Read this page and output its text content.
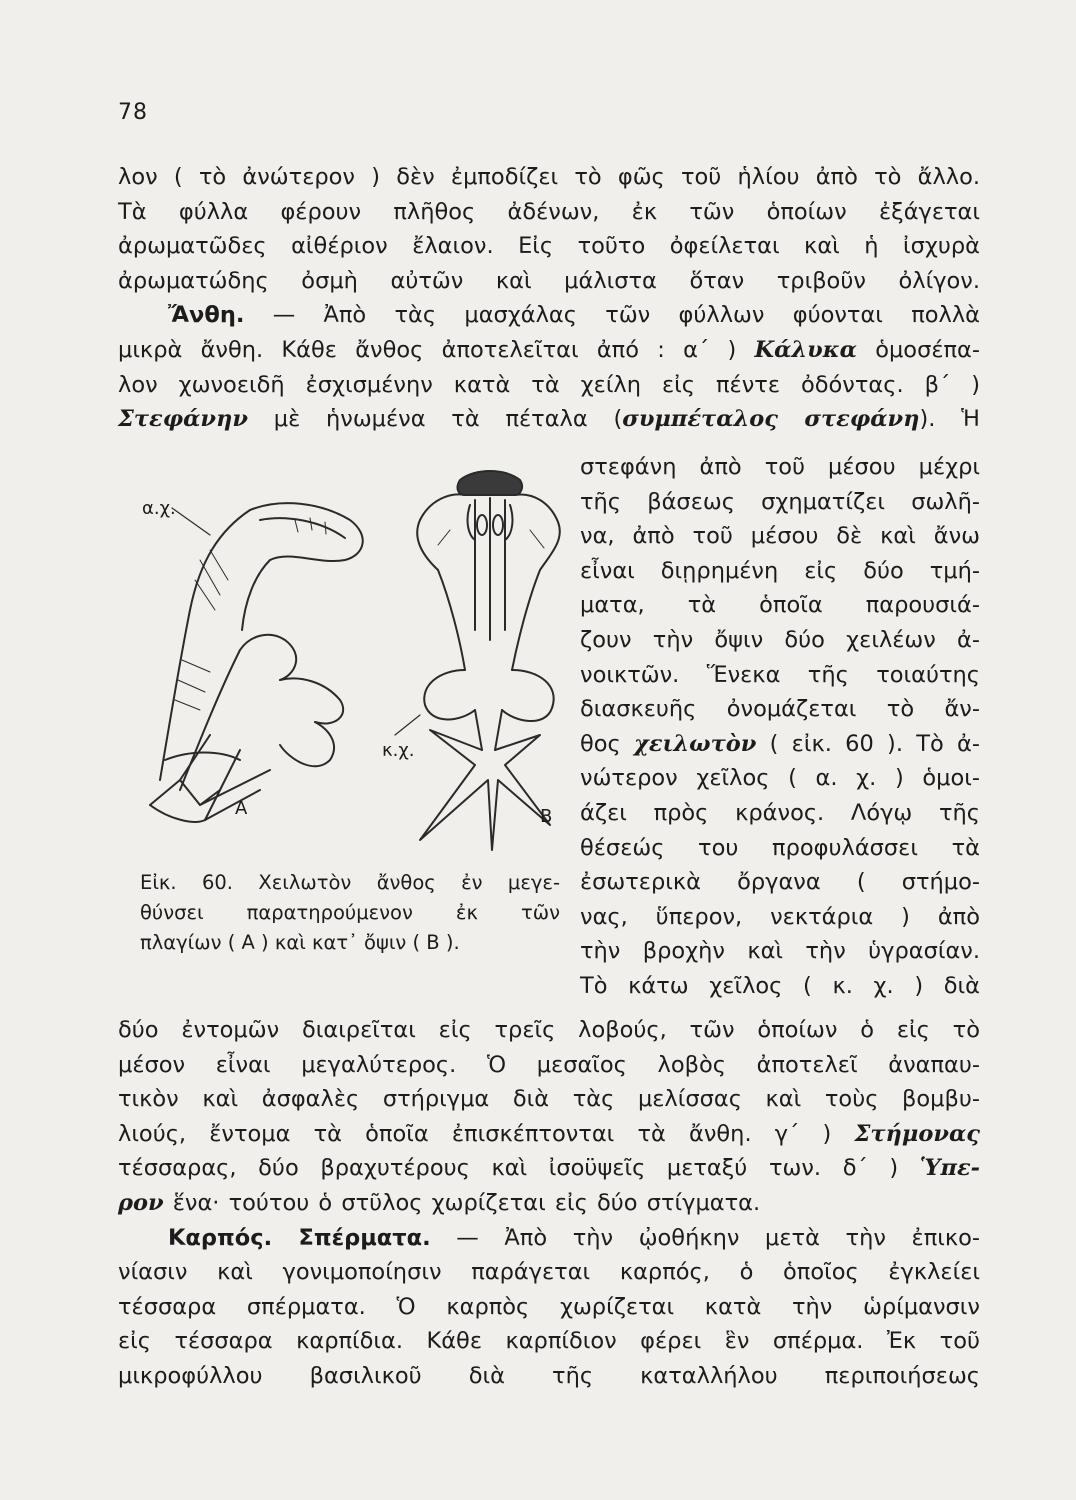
78
λον ( τὸ ἀνώτερον ) δὲν ἐμποδίζει τὸ φῶς τοῦ ἡλίου ἀπὸ τὸ ἄλλο.
Τὰ φύλλα φέρουν πλῆθος ἀδένων, ἐκ τῶν ὁποίων ἐξάγεται
ἀρωματῶδες αἰθέριον ἔλαιον. Εἰς τοῦτο ὀφείλεται καὶ ἡ ἰσχυρὰ
ἀρωματώδης ὀσμὴ αὐτῶν καὶ μάλιστα ὅταν τριβοῦν ὀλίγον.
Ἄνθη. — Ἀπὸ τὰς μασχάλας τῶν φύλλων φύονται πολλὰ
μικρὰ ἄνθη. Κάθε ἄνθος ἀποτελεῖται ἀπό : α΄ ) Κάλυκα ὁμοσέπα-
λον χωνοειδῆ ἐσχισμένην κατὰ τὰ χείλη εἰς πέντε ὀδόντας. β΄ )
Στεφάνην μὲ ἡνωμένα τὰ πέταλα (συμπέταλος στεφάνη). Ἡ
στεφάνη ἀπὸ τοῦ μέσου μέχρι
τῆς βάσεως σχηματίζει σωλῆ-
να, ἀπὸ τοῦ μέσου δὲ καὶ ἄνω
εἶναι διῃρημένη εἰς δύο τμή-
ματα, τὰ ὁποῖα παρουσιά-
ζουν τὴν ὄψιν δύο χειλέων ἀ-
νοικτῶν. Ἕνεκα τῆς τοιαύτης
διασκευῆς ὀνομάζεται τὸ ἄν-
θος χειλωτὸν ( εἰκ. 60 ). Τὸ ἀ-
νώτερον χεῖλος ( α. χ. ) ὁμοι-
άζει πρὸς κράνος. Λόγῳ τῆς
θέσεώς του προφυλάσσει τὰ
ἐσωτερικὰ ὄργανα ( στήμο-
νας, ὕπερον, νεκτάρια ) ἀπὸ
τὴν βροχὴν καὶ τὴν ὑγρασίαν.
Τὸ κάτω χεῖλος ( κ. χ. ) διὰ
α.χ.
κ.χ.
Α	Β
Εἰκ. 60. Χειλωτὸν ἄνθος ἐν μεγε-
θύνσει παρατηρούμενον ἐκ τῶν
πλαγίων ( Α ) καὶ κατ᾽ ὄψιν ( Β ).
δύο ἐντομῶν διαιρεῖται εἰς τρεῖς λοβούς, τῶν ὁποίων ὁ εἰς τὸ
μέσον εἶναι μεγαλύτερος. Ὁ μεσαῖος λοβὸς ἀποτελεῖ ἀναπαυ-
τικὸν καὶ ἀσφαλὲς στήριγμα διὰ τὰς μελίσσας καὶ τοὺς βομβυ-
λιούς, ἔντομα τὰ ὁποῖα ἐπισκέπτονται τὰ ἄνθη. γ΄ ) Στήμονας
τέσσαρας, δύο βραχυτέρους καὶ ἰσοϋψεῖς μεταξύ των. δ΄ ) Ὑπε-
ρον ἕνα· τούτου ὁ στῦλος χωρίζεται εἰς δύο στίγματα.
Καρπός. Σπέρματα. — Ἀπὸ τὴν ᾠοθήκην μετὰ τὴν ἐπικο-
νίασιν καὶ γονιμοποίησιν παράγεται καρπός, ὁ ὁποῖος ἐγκλείει
τέσσαρα σπέρματα. Ὁ καρπὸς χωρίζεται κατὰ τὴν ὡρίμανσιν
εἰς τέσσαρα καρπίδια. Κάθε καρπίδιον φέρει ἓν σπέρμα. Ἐκ τοῦ
μικροφύλλου βασιλικοῦ διὰ τῆς καταλλήλου περιποιήσεως
